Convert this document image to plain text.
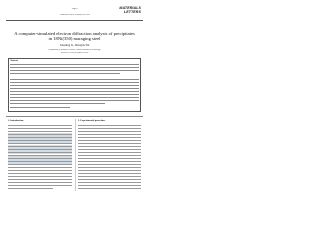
Pages 1
Materials Letters 00 (0000) 000–000
MATERIALS
LETTERS
A computer-simulated electron diffraction analysis of precipitates in 18Ni(350) maraging steel
Xiaoning Li, Zhongda Yin
Department of Materials Science, Harbin Institute of Technology
Received 0 0000; accepted 0 0000
Abstract
1. Introduction	2. Experimental procedure
